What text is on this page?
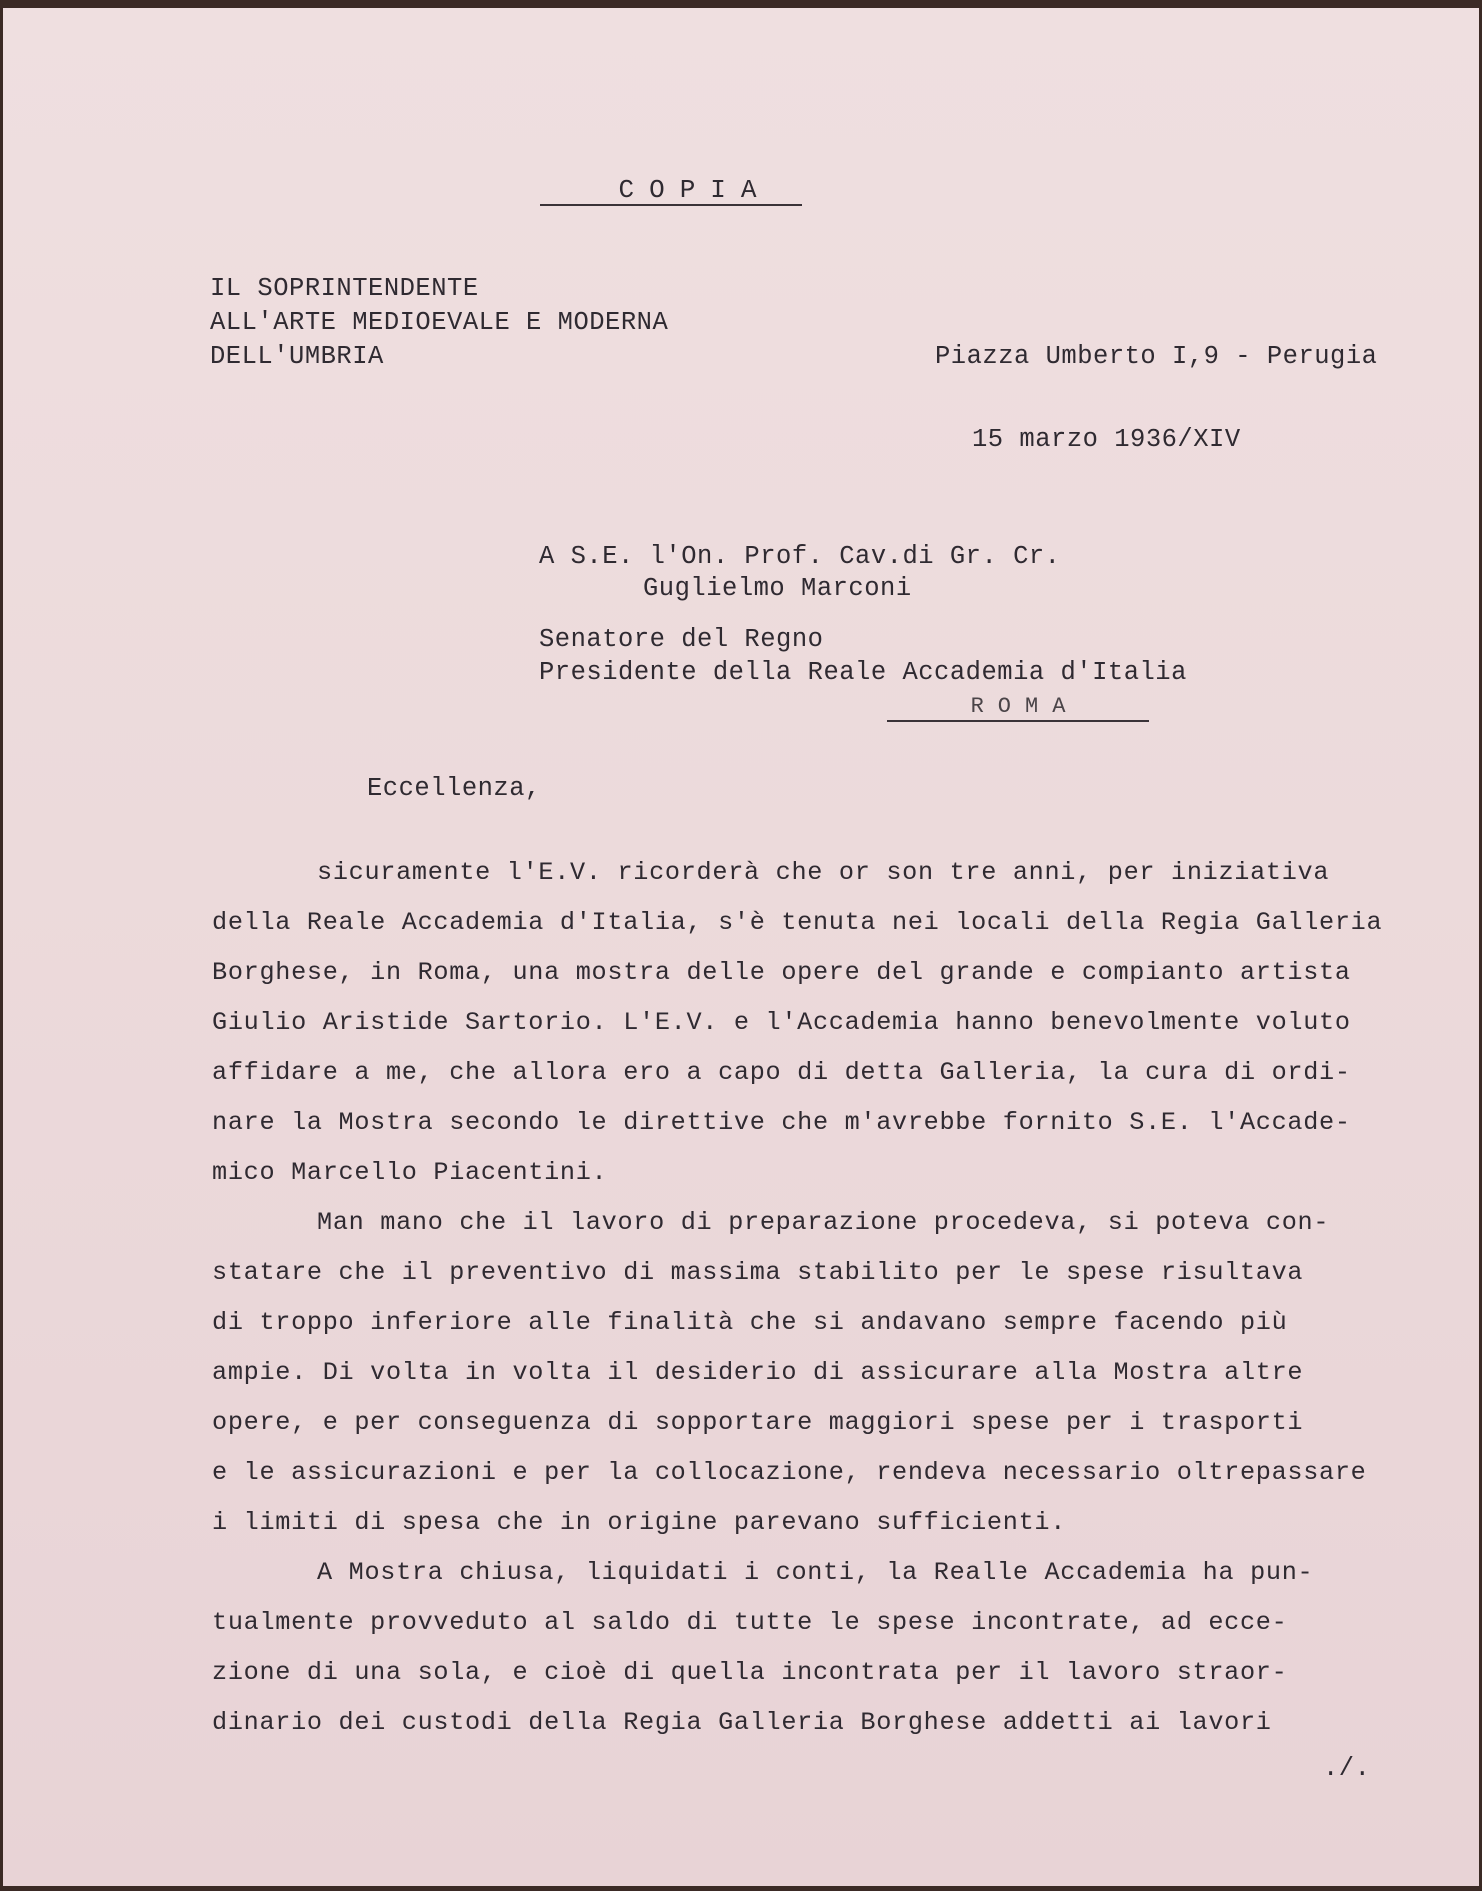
COPIA
IL SOPRINTENDENTE
ALL'ARTE MEDIOEVALE E MODERNA
DELL'UMBRIA	Piazza Umberto I,9 - Perugia
15 marzo 1936/XIV
A S.E. l'On. Prof. Cav.di Gr. Cr.
Guglielmo Marconi
Senatore del Regno
Presidente della Reale Accademia d'Italia
ROMA
Eccellenza,
sicuramente l'E.V. ricorderà che or son tre anni, per iniziativa
della Reale Accademia d'Italia, s'è tenuta nei locali della Regia Galleria
Borghese, in Roma, una mostra delle opere del grande e compianto artista
Giulio Aristide Sartorio. L'E.V. e l'Accademia hanno benevolmente voluto
affidare a me, che allora ero a capo di detta Galleria, la cura di ordi-
nare la Mostra secondo le direttive che m'avrebbe fornito S.E. l'Accade-
mico Marcello Piacentini.
Man mano che il lavoro di preparazione procedeva, si poteva con-
statare che il preventivo di massima stabilito per le spese risultava
di troppo inferiore alle finalità che si andavano sempre facendo più
ampie. Di volta in volta il desiderio di assicurare alla Mostra altre
opere, e per conseguenza di sopportare maggiori spese per i trasporti
e le assicurazioni e per la collocazione, rendeva necessario oltrepassare
i limiti di spesa che in origine parevano sufficienti.
A Mostra chiusa, liquidati i conti, la Realle Accademia ha pun-
tualmente provveduto al saldo di tutte le spese incontrate, ad ecce-
zione di una sola, e cioè di quella incontrata per il lavoro straor-
dinario dei custodi della Regia Galleria Borghese addetti ai lavori
./.
